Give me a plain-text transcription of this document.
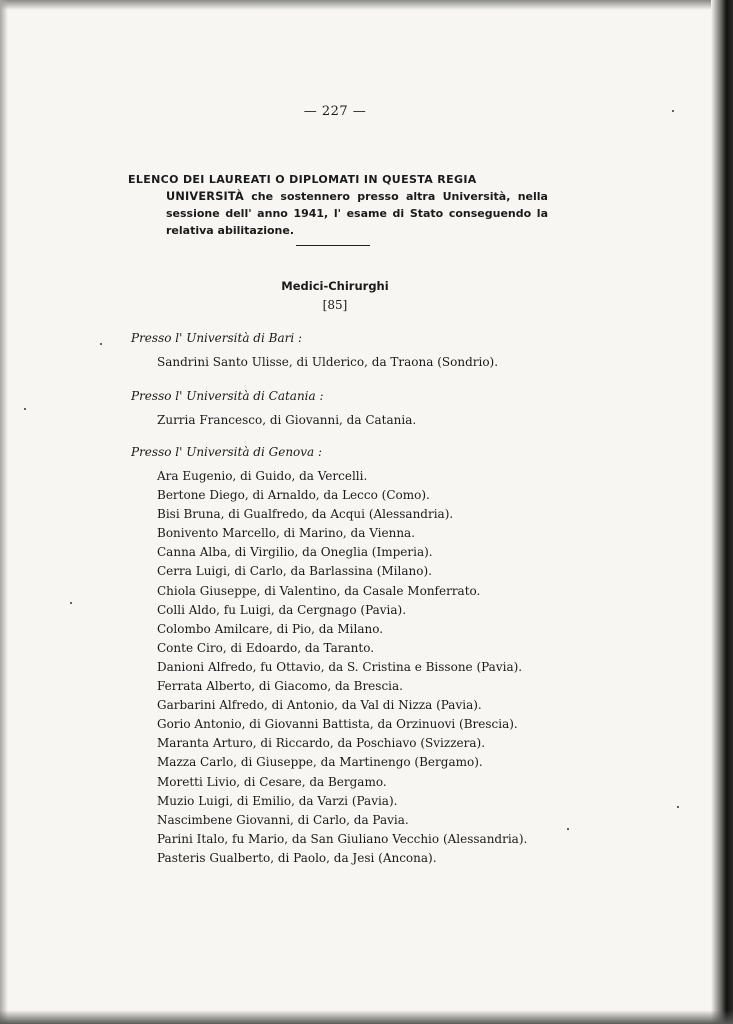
— 227 —
ELENCO DEI LAUREATI O DIPLOMATI IN QUESTA REGIA
UNIVERSITÀ che sostennero presso altra Università, nella sessione dell' anno 1941, l' esame di Stato conseguendo la relativa abilitazione.
Medici-Chirurghi
[85]
Presso l' Università di Bari :
Sandrini Santo Ulisse, di Ulderico, da Traona (Sondrio).
Presso l' Università di Catania :
Zurria Francesco, di Giovanni, da Catania.
Presso l' Università di Genova :
Ara Eugenio, di Guido, da Vercelli.
Bertone Diego, di Arnaldo, da Lecco (Como).
Bisi Bruna, di Gualfredo, da Acqui (Alessandria).
Bonivento Marcello, di Marino, da Vienna.
Canna Alba, di Virgilio, da Oneglia (Imperia).
Cerra Luigi, di Carlo, da Barlassina (Milano).
Chiola Giuseppe, di Valentino, da Casale Monferrato.
Colli Aldo, fu Luigi, da Cergnago (Pavia).
Colombo Amilcare, di Pio, da Milano.
Conte Ciro, di Edoardo, da Taranto.
Danioni Alfredo, fu Ottavio, da S. Cristina e Bissone (Pavia).
Ferrata Alberto, di Giacomo, da Brescia.
Garbarini Alfredo, di Antonio, da Val di Nizza (Pavia).
Gorio Antonio, di Giovanni Battista, da Orzinuovi (Brescia).
Maranta Arturo, di Riccardo, da Poschiavo (Svizzera).
Mazza Carlo, di Giuseppe, da Martinengo (Bergamo).
Moretti Livio, di Cesare, da Bergamo.
Muzio Luigi, di Emilio, da Varzi (Pavia).
Nascimbene Giovanni, di Carlo, da Pavia.
Parini Italo, fu Mario, da San Giuliano Vecchio (Alessandria).
Pasteris Gualberto, di Paolo, da Jesi (Ancona).
